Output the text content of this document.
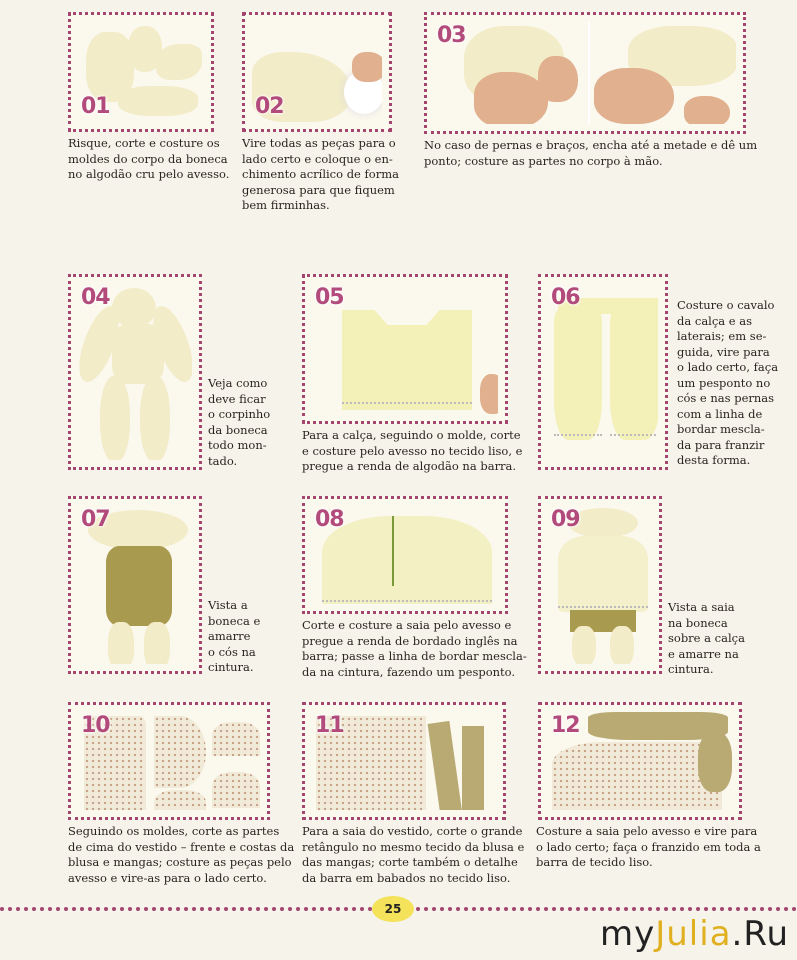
01
Risque, corte e costure os
moldes do corpo da boneca
no algodão cru pelo avesso.
02
Vire todas as peças para o
lado certo e coloque o en-
chimento acrílico de forma
generosa para que fiquem
bem firminhas.
03
No caso de pernas e braços, encha até a metade e dê um
ponto; costure as partes no corpo à mão.
04
Veja como
deve ficar
o corpinho
da boneca
todo mon-
tado.
05
Para a calça, seguindo o molde, corte
e costure pelo avesso no tecido liso, e
pregue a renda de algodão na barra.
06	Costure o cavalo
da calça e as
laterais; em se-
guida, vire para
o lado certo, faça
um pesponto no
cós e nas pernas
com a linha de
bordar mescla-
da para franzir
desta forma.
07
Vista a
boneca e
amarre
o cós na
cintura.
08
Corte e costure a saia pelo avesso e
pregue a renda de bordado inglês na
barra; passe a linha de bordar mescla-
da na cintura, fazendo um pesponto.
09
Vista a saia
na boneca
sobre a calça
e amarre na
cintura.
10
Seguindo os moldes, corte as partes
de cima do vestido – frente e costas da
blusa e mangas; costure as peças pelo
avesso e vire-as para o lado certo.
11
Para a saia do vestido, corte o grande
retângulo no mesmo tecido da blusa e
das mangas; corte também o detalhe
da barra em babados no tecido liso.
12
Costure a saia pelo avesso e vire para
o lado certo; faça o franzido em toda a
barra de tecido liso.
25
myJulia.Ru
